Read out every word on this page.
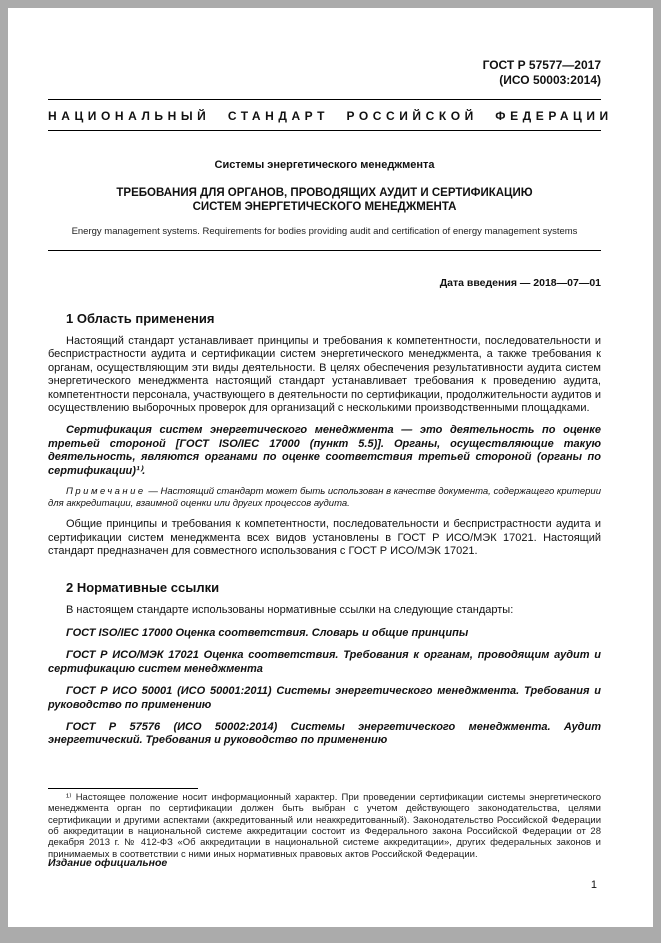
ГОСТ Р 57577—2017
(ИСО 50003:2014)
НАЦИОНАЛЬНЫЙ СТАНДАРТ РОССИЙСКОЙ ФЕДЕРАЦИИ
Системы энергетического менеджмента
ТРЕБОВАНИЯ ДЛЯ ОРГАНОВ, ПРОВОДЯЩИХ АУДИТ И СЕРТИФИКАЦИЮ
СИСТЕМ ЭНЕРГЕТИЧЕСКОГО МЕНЕДЖМЕНТА
Energy management systems. Requirements for bodies providing audit and certification of energy management systems
Дата введения — 2018—07—01
1 Область применения

Настоящий стандарт устанавливает принципы и требования к компетентности, последовательности и беспристрастности аудита и сертификации систем энергетического менеджмента, а также требования к органам, осуществляющим эти виды деятельности. В целях обеспечения результативности аудита систем энергетического менеджмента настоящий стандарт устанавливает требования к проведению аудита, компетентности персонала, участвующего в деятельности по сертификации, продолжительности аудитов и осуществлению выборочных проверок для организаций с несколькими производственными площадками.

Сертификация систем энергетического менеджмента — это деятельность по оценке третьей стороной [ГОСТ ISO/IEC 17000 (пункт 5.5)]. Органы, осуществляющие такую деятельность, являются органами по оценке соответствия третьей стороной (органы по сертификации)¹⁾.

Примечание — Настоящий стандарт может быть использован в качестве документа, содержащего критерии для аккредитации, взаимной оценки или других процессов аудита.

Общие принципы и требования к компетентности, последовательности и беспристрастности аудита и сертификации систем менеджмента всех видов установлены в ГОСТ Р ИСО/МЭК 17021. Настоящий стандарт предназначен для совместного использования с ГОСТ Р ИСО/МЭК 17021.

2 Нормативные ссылки

В настоящем стандарте использованы нормативные ссылки на следующие стандарты:

ГОСТ ISO/IEC 17000 Оценка соответствия. Словарь и общие принципы

ГОСТ Р ИСО/МЭК 17021 Оценка соответствия. Требования к органам, проводящим аудит и сертификацию систем менеджмента

ГОСТ Р ИСО 50001 (ИСО 50001:2011) Системы энергетического менеджмента. Требования и руководство по применению

ГОСТ Р 57576 (ИСО 50002:2014) Системы энергетического менеджмента. Аудит энергетический. Требования и руководство по применению

¹⁾ Настоящее положение носит информационный характер. При проведении сертификации системы энергетического менеджмента орган по сертификации должен быть выбран с учетом действующего законодательства, целями сертификации и другими аспектами (аккредитованный или неаккредитованный). Законодательство Российской Федерации об аккредитации в национальной системе аккредитации состоит из Федерального закона Российской Федерации от 28 декабря 2013 г. № 412-ФЗ «Об аккредитации в национальной системе аккредитации», других федеральных законов и принимаемых в соответствии с ними иных нормативных правовых актов Российской Федерации.

Издание официальное
1
